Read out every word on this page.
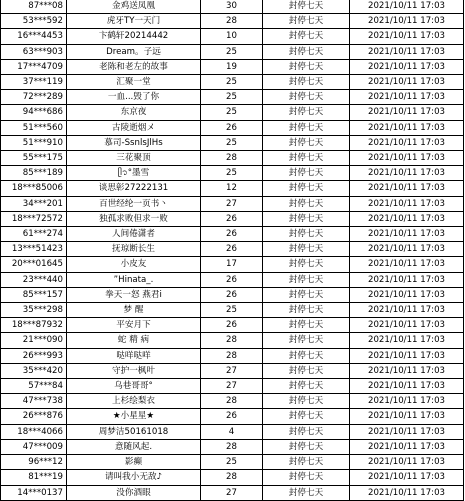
87***08	金鸡送凤凰	30	封停七天	2021/10/11 17:03
53***592	虎牙TY一天门	28	封停七天	2021/10/11 17:03
16***4453	卞鹤轩20214442	10	封停七天	2021/10/11 17:03
63***903	Dream。子远	25	封停七天	2021/10/11 17:03
17***4709	老陈和老左的故事	19	封停七天	2021/10/11 17:03
37***119	汇聚一堂	25	封停七天	2021/10/11 17:03
72***289	一血...毁了你	25	封停七天	2021/10/11 17:03
94***686	东京夜	25	封停七天	2021/10/11 17:03
51***560	古陵逝烟メ	26	封停七天	2021/10/11 17:03
51***910	慕司-SsnlsJlHs	25	封停七天	2021/10/11 17:03
55***175	三花聚顶	28	封停七天	2021/10/11 17:03
85***189	ᥫ᭡°墨雪	25	封停七天	2021/10/11 17:03
18***85006	谈思彰27222131	12	封停七天	2021/10/11 17:03
34***201	百世经纶一页书丶	27	封停七天	2021/10/11 17:03
18***72572	独孤求败但求一败	26	封停七天	2021/10/11 17:03
61***274	人间倦潇者	26	封停七天	2021/10/11 17:03
13***51423	抚琼断长生	26	封停七天	2021/10/11 17:03
20***01645	小皮友	17	封停七天	2021/10/11 17:03
23***440	”Hinata_.	26	封停七天	2021/10/11 17:03
85***157	拳天一怒 燕君i	26	封停七天	2021/10/11 17:03
35***298	梦 醒	25	封停七天	2021/10/11 17:03
18***87932	平安月下	26	封停七天	2021/10/11 17:03
21***090	蛇 精 病	28	封停七天	2021/10/11 17:03
26***993	哒咩哒咩	28	封停七天	2021/10/11 17:03
35***420	守护一枫叶	27	封停七天	2021/10/11 17:03
57***84	乌巷哥哥°	27	封停七天	2021/10/11 17:03
47***738	上杉绘梨衣	28	封停七天	2021/10/11 17:03
26***876	★小星星★	26	封停七天	2021/10/11 17:03
18***4066	周梦洁50161018	4	封停七天	2021/10/11 17:03
47***009	意随风起.	28	封停七天	2021/10/11 17:03
96***12	影癫	25	封停七天	2021/10/11 17:03
81***19	请叫我小无敌♪	28	封停七天	2021/10/11 17:03
14***0137	没你酒眼	27	封停七天	2021/10/11 17:03
